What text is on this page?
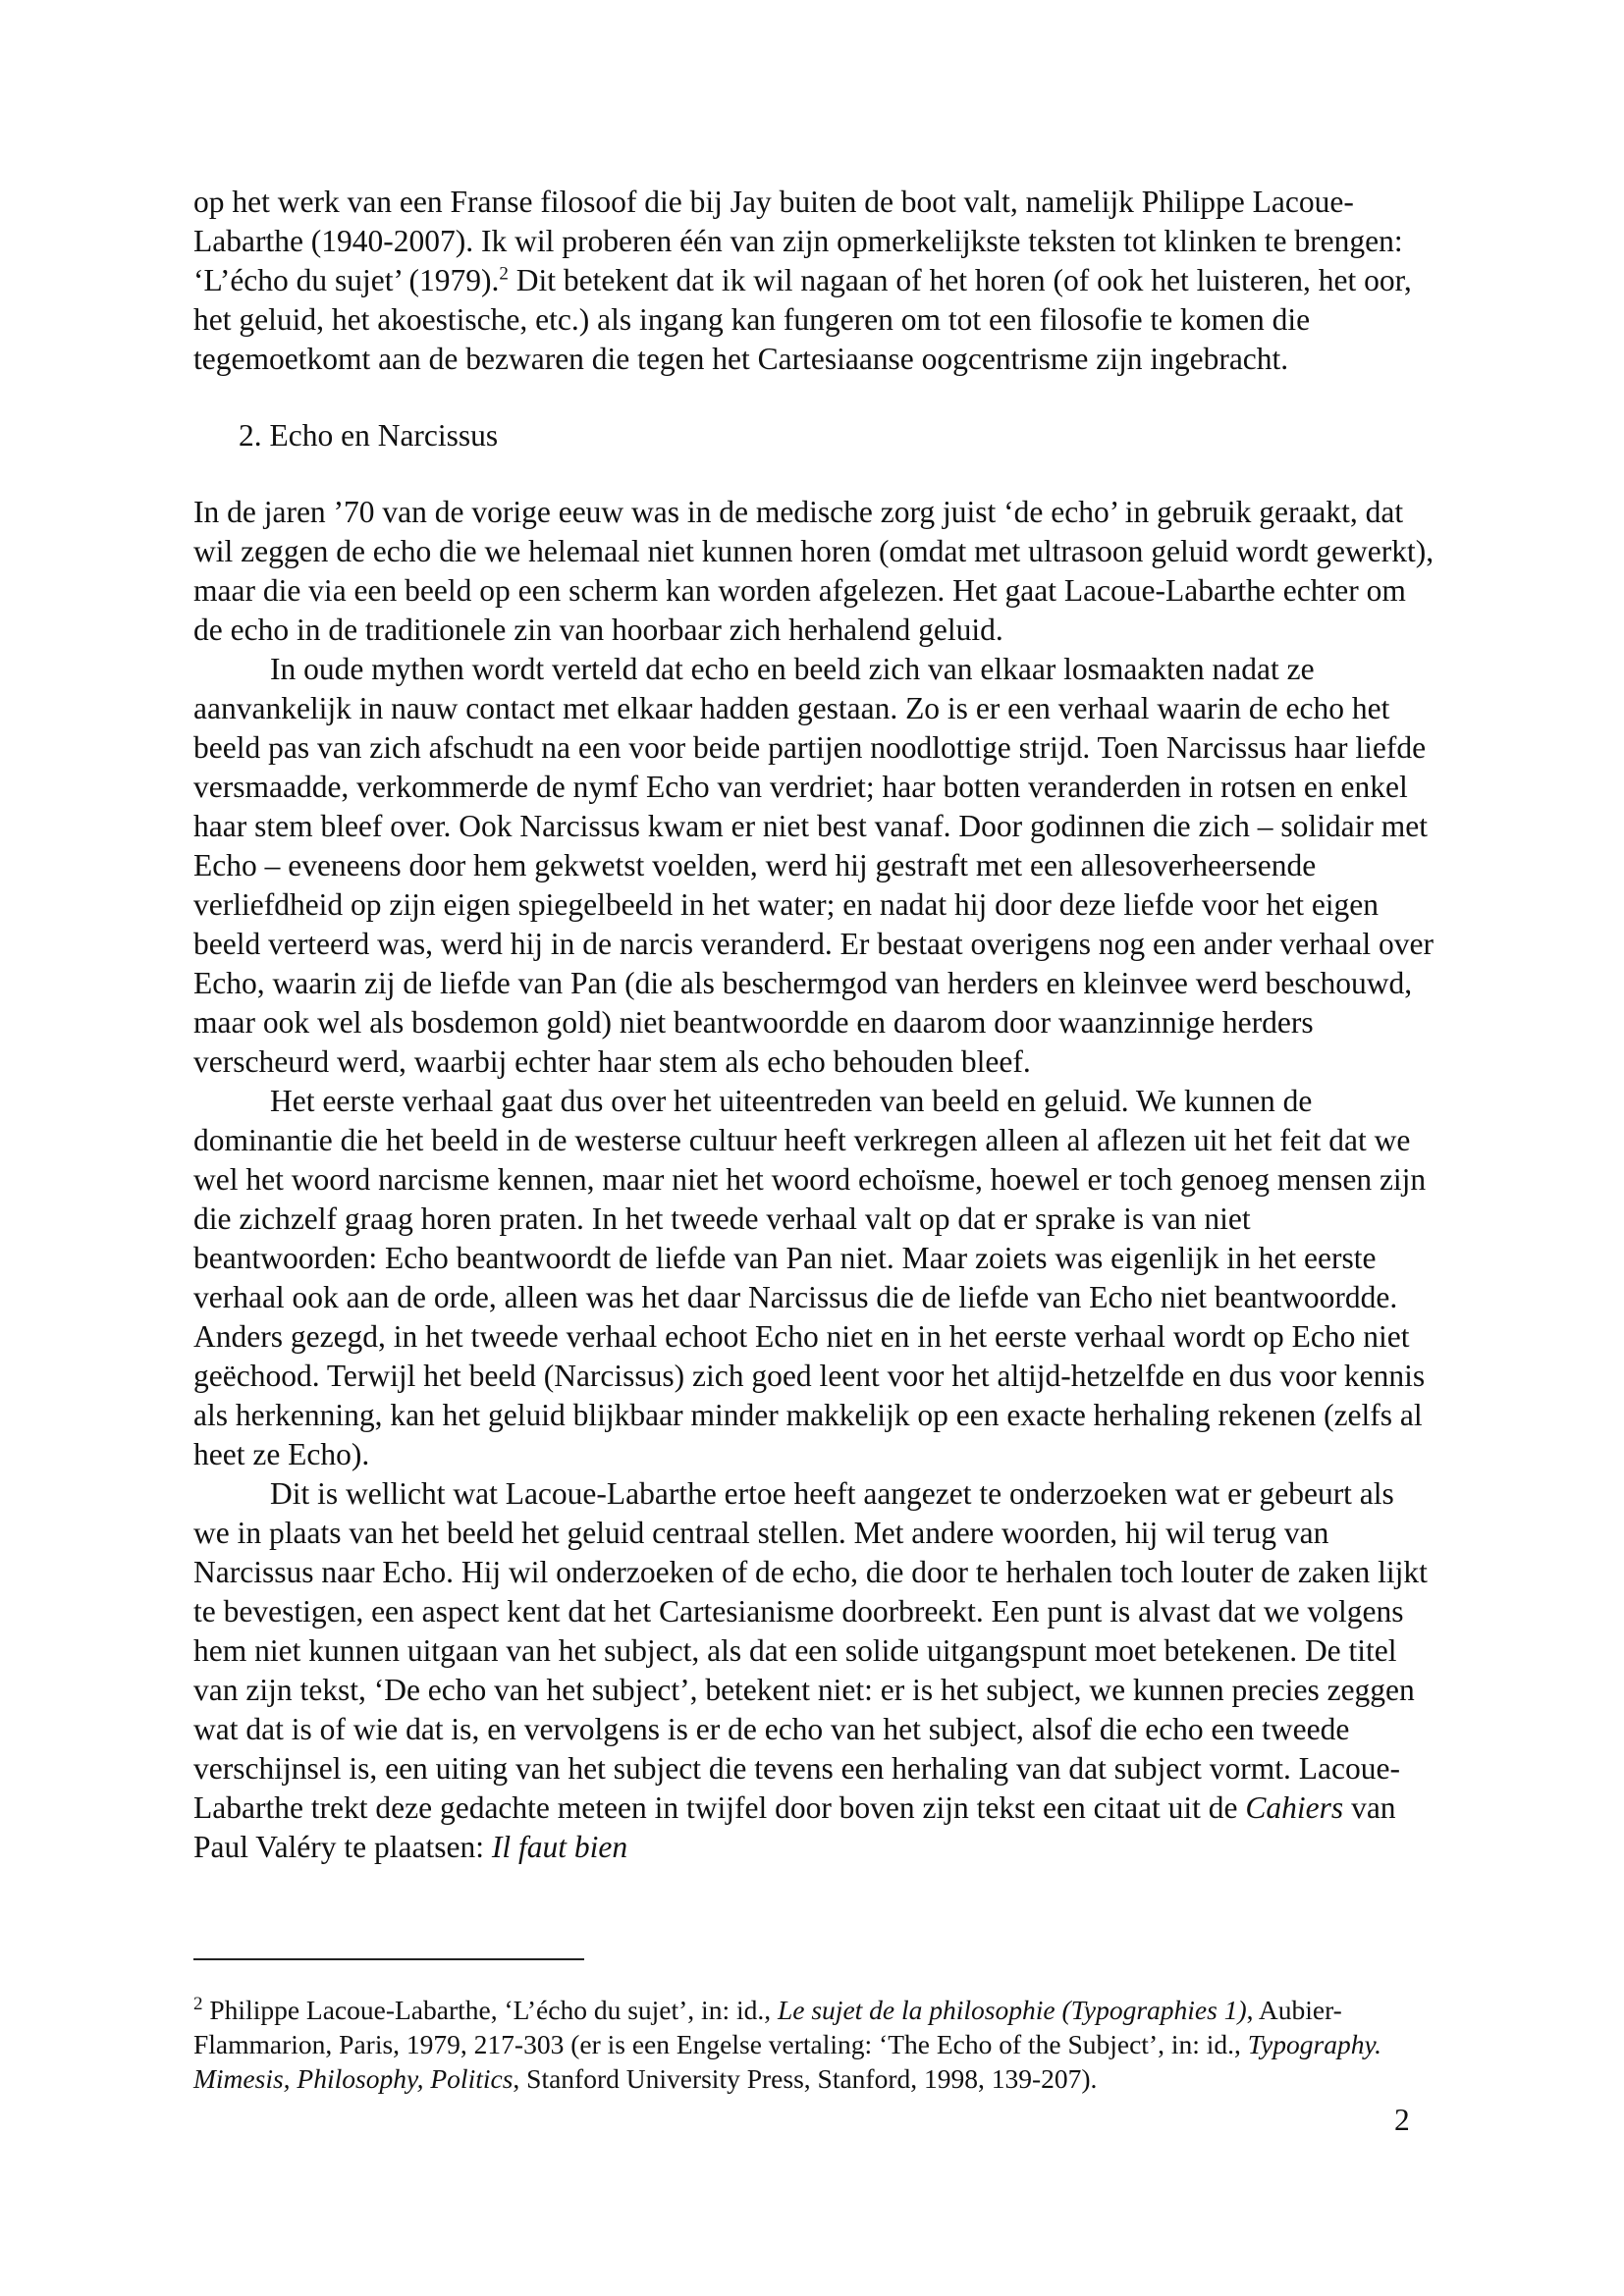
op het werk van een Franse filosoof die bij Jay buiten de boot valt, namelijk Philippe Lacoue-Labarthe (1940-2007). Ik wil proberen één van zijn opmerkelijkste teksten tot klinken te brengen: ‘L’écho du sujet’ (1979).$^2$ Dit betekent dat ik wil nagaan of het horen (of ook het luisteren, het oor, het geluid, het akoestische, etc.) als ingang kan fungeren om tot een filosofie te komen die tegemoetkomt aan de bezwaren die tegen het Cartesiaanse oogcentrisme zijn ingebracht.

2. Echo en Narcissus

In de jaren ’70 van de vorige eeuw was in de medische zorg juist ‘de echo’ in gebruik geraakt, dat wil zeggen de echo die we helemaal niet kunnen horen (omdat met ultrasoon geluid wordt gewerkt), maar die via een beeld op een scherm kan worden afgelezen. Het gaat Lacoue-Labarthe echter om de echo in de traditionele zin van hoorbaar zich herhalend geluid.

In oude mythen wordt verteld dat echo en beeld zich van elkaar losmaakten nadat ze aanvankelijk in nauw contact met elkaar hadden gestaan. Zo is er een verhaal waarin de echo het beeld pas van zich afschudt na een voor beide partijen noodlottige strijd. Toen Narcissus haar liefde versmaadde, verkommerde de nymf Echo van verdriet; haar botten veranderden in rotsen en enkel haar stem bleef over. Ook Narcissus kwam er niet best vanaf. Door godinnen die zich – solidair met Echo – eveneens door hem gekwetst voelden, werd hij gestraft met een allesoverheersende verliefdheid op zijn eigen spiegelbeeld in het water; en nadat hij door deze liefde voor het eigen beeld verteerd was, werd hij in de narcis veranderd. Er bestaat overigens nog een ander verhaal over Echo, waarin zij de liefde van Pan (die als beschermgod van herders en kleinvee werd beschouwd, maar ook wel als bosdemon gold) niet beantwoordde en daarom door waanzinnige herders verscheurd werd, waarbij echter haar stem als echo behouden bleef.

Het eerste verhaal gaat dus over het uiteentreden van beeld en geluid. We kunnen de dominantie die het beeld in de westerse cultuur heeft verkregen alleen al aflezen uit het feit dat we wel het woord narcisme kennen, maar niet het woord echoïsme, hoewel er toch genoeg mensen zijn die zichzelf graag horen praten. In het tweede verhaal valt op dat er sprake is van niet beantwoorden: Echo beantwoordt de liefde van Pan niet. Maar zoiets was eigenlijk in het eerste verhaal ook aan de orde, alleen was het daar Narcissus die de liefde van Echo niet beantwoordde. Anders gezegd, in het tweede verhaal echoot Echo niet en in het eerste verhaal wordt op Echo niet geëchood. Terwijl het beeld (Narcissus) zich goed leent voor het altijd-hetzelfde en dus voor kennis als herkenning, kan het geluid blijkbaar minder makkelijk op een exacte herhaling rekenen (zelfs al heet ze Echo).

Dit is wellicht wat Lacoue-Labarthe ertoe heeft aangezet te onderzoeken wat er gebeurt als we in plaats van het beeld het geluid centraal stellen. Met andere woorden, hij wil terug van Narcissus naar Echo. Hij wil onderzoeken of de echo, die door te herhalen toch louter de zaken lijkt te bevestigen, een aspect kent dat het Cartesianisme doorbreekt. Een punt is alvast dat we volgens hem niet kunnen uitgaan van het subject, als dat een solide uitgangspunt moet betekenen. De titel van zijn tekst, ‘De echo van het subject’, betekent niet: er is het subject, we kunnen precies zeggen wat dat is of wie dat is, en vervolgens is er de echo van het subject, alsof die echo een tweede verschijnsel is, een uiting van het subject die tevens een herhaling van dat subject vormt. Lacoue-Labarthe trekt deze gedachte meteen in twijfel door boven zijn tekst een citaat uit de Cahiers van Paul Valéry te plaatsen: Il faut bien

$^2$ Philippe Lacoue-Labarthe, ‘L’écho du sujet’, in: id., Le sujet de la philosophie (Typographies 1), Aubier-Flammarion, Paris, 1979, 217-303 (er is een Engelse vertaling: ‘The Echo of the Subject’, in: id., Typography. Mimesis, Philosophy, Politics, Stanford University Press, Stanford, 1998, 139-207).

2
